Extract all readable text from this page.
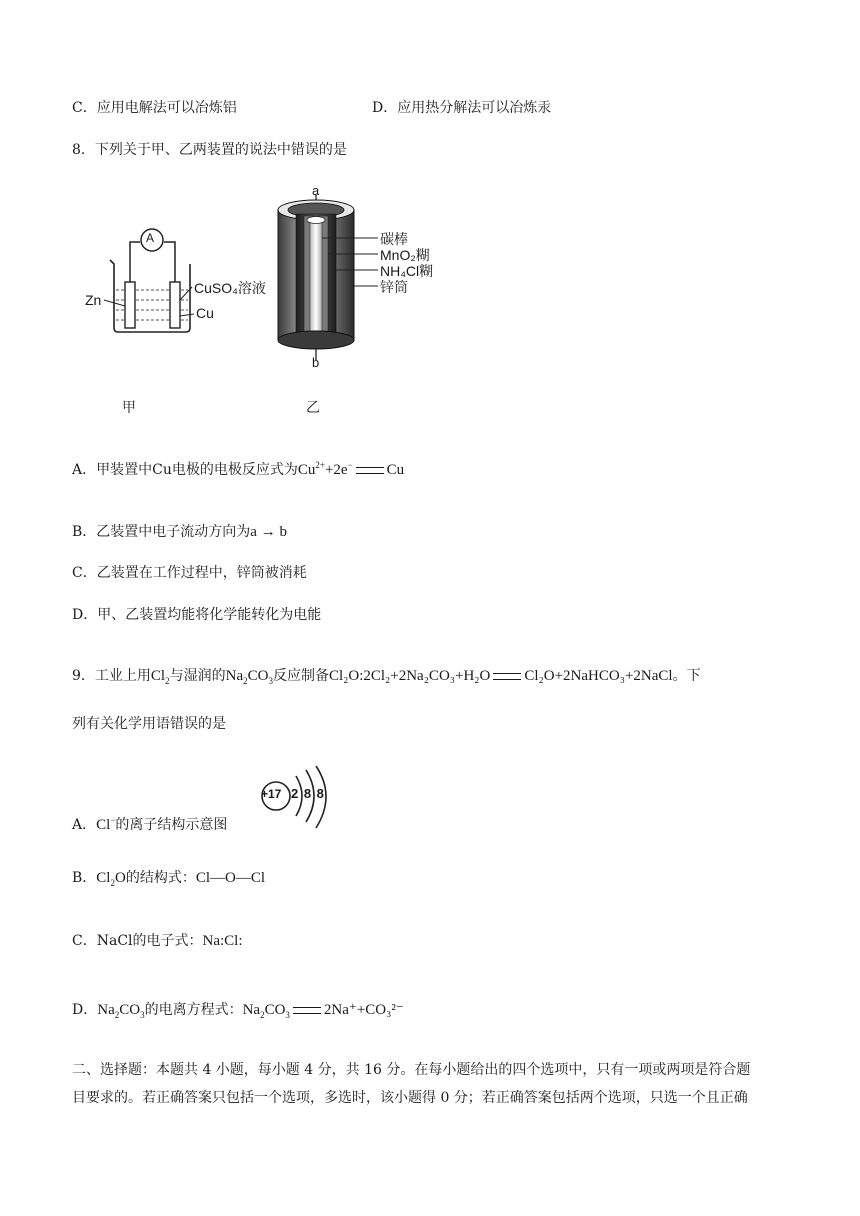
C．应用电解法可以冶炼铝	D．应用热分解法可以冶炼汞
8．下列关于甲、乙两装置的说法中错误的是
A
Zn
CuSO₄溶液
Cu
甲
a
b
碳棒
MnO₂糊
NH₄Cl糊
锌筒
乙
A．甲装置中Cu电极的电极反应式为$Cu^{2+}+2e^-$ Cu
B．乙装置中电子流动方向为a → b
C．乙装置在工作过程中，锌筒被消耗
D．甲、乙装置均能将化学能转化为电能
9．工业上用$Cl_2$与湿润的$Na_2CO_3$反应制备Cl₂O:2Cl₂+2Na₂CO₃+H₂O Cl₂O+2NaHCO₃+2NaCl。下
列有关化学用语错误的是
A．Cl−的离子结构示意图
+17 2 8 8
B．$Cl_2O$的结构式：Cl—O—Cl
C．NaCl的电子式：Na:Cl:
D．$Na_2CO_3$的电离方程式：$Na_2CO_3$ 2Na⁺+CO₃²⁻
二、选择题：本题共 4 小题，每小题 4 分，共 16 分。在每小题给出的四个选项中，只有一项或两项是符合题
目要求的。若正确答案只包括一个选项，多选时，该小题得 0 分；若正确答案包括两个选项，只选一个且正确
